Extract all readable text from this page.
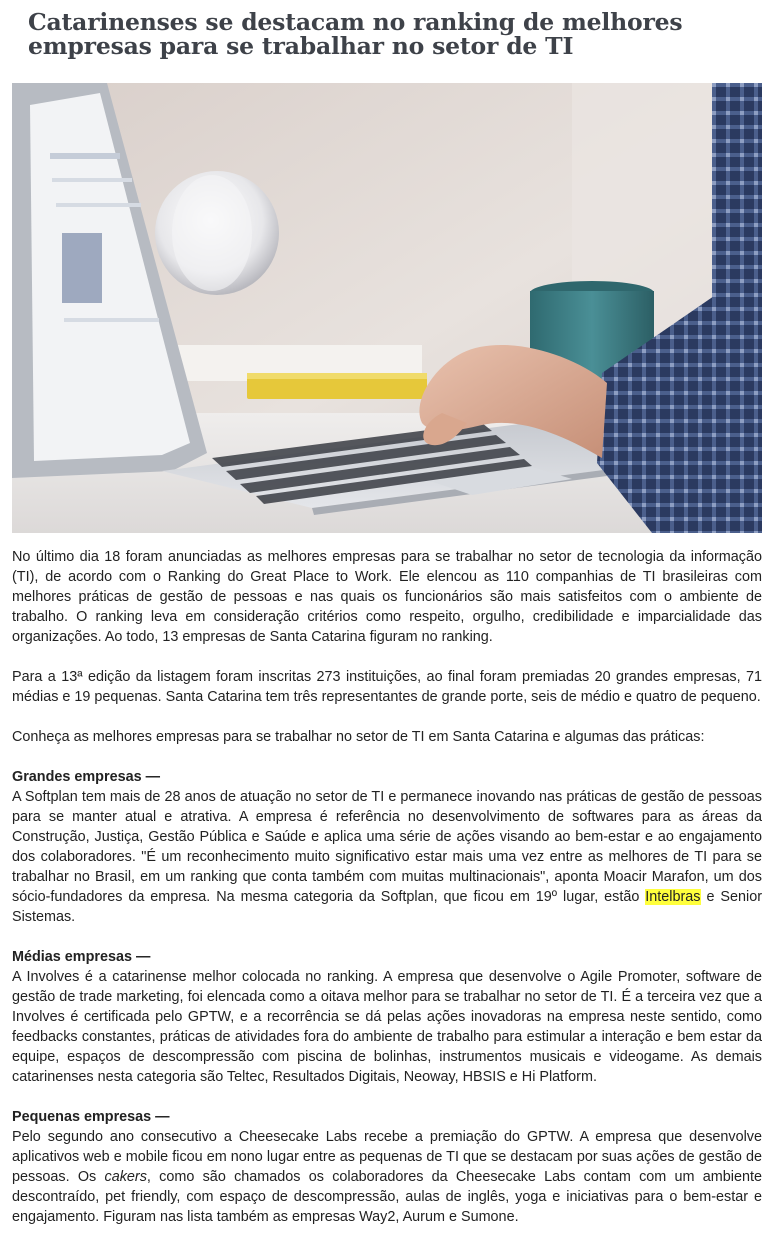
Catarinenses se destacam no ranking de melhores empresas para se trabalhar no setor de TI

No último dia 18 foram anunciadas as melhores empresas para se trabalhar no setor de tecnologia da informação (TI), de acordo com o Ranking do Great Place to Work. Ele elencou as 110 companhias de TI brasileiras com melhores práticas de gestão de pessoas e nas quais os funcionários são mais satisfeitos com o ambiente de trabalho. O ranking leva em consideração critérios como respeito, orgulho, credibilidade e imparcialidade das organizações. Ao todo, 13 empresas de Santa Catarina figuram no ranking.

Para a 13ª edição da listagem foram inscritas 273 instituições, ao final foram premiadas 20 grandes empresas, 71 médias e 19 pequenas. Santa Catarina tem três representantes de grande porte, seis de médio e quatro de pequeno.

Conheça as melhores empresas para se trabalhar no setor de TI em Santa Catarina e algumas das práticas:

Grandes empresas —
A Softplan tem mais de 28 anos de atuação no setor de TI e permanece inovando nas práticas de gestão de pessoas para se manter atual e atrativa. A empresa é referência no desenvolvimento de softwares para as áreas da Construção, Justiça, Gestão Pública e Saúde e aplica uma série de ações visando ao bem-estar e ao engajamento dos colaboradores. "É um reconhecimento muito significativo estar mais uma vez entre as melhores de TI para se trabalhar no Brasil, em um ranking que conta também com muitas multinacionais", aponta Moacir Marafon, um dos sócio-fundadores da empresa. Na mesma categoria da Softplan, que ficou em 19º lugar, estão Intelbras e Senior Sistemas.

Médias empresas —
A Involves é a catarinense melhor colocada no ranking. A empresa que desenvolve o Agile Promoter, software de gestão de trade marketing, foi elencada como a oitava melhor para se trabalhar no setor de TI. É a terceira vez que a Involves é certificada pelo GPTW, e a recorrência se dá pelas ações inovadoras na empresa neste sentido, como feedbacks constantes, práticas de atividades fora do ambiente de trabalho para estimular a interação e bem estar da equipe, espaços de descompressão com piscina de bolinhas, instrumentos musicais e videogame. As demais catarinenses nesta categoria são Teltec, Resultados Digitais, Neoway, HBSIS e Hi Platform.

Pequenas empresas —
Pelo segundo ano consecutivo a Cheesecake Labs recebe a premiação do GPTW. A empresa que desenvolve aplicativos web e mobile ficou em nono lugar entre as pequenas de TI que se destacam por suas ações de gestão de pessoas. Os cakers, como são chamados os colaboradores da Cheesecake Labs contam com um ambiente descontraído, pet friendly, com espaço de descompressão, aulas de inglês, yoga e iniciativas para o bem-estar e engajamento. Figuram nas lista também as empresas Way2, Aurum e Sumone.
